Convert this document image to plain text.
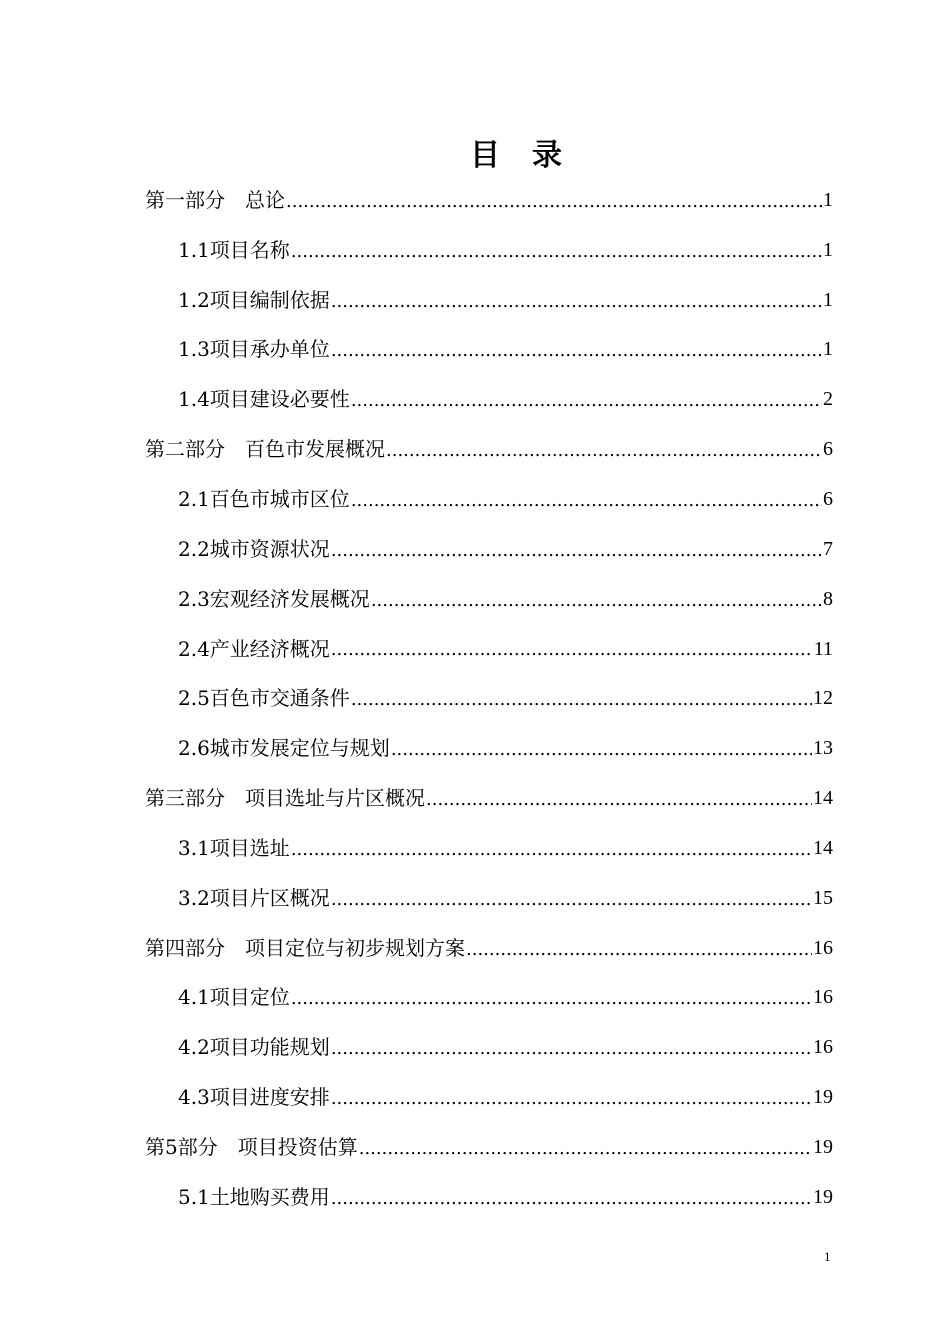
目 录
第一部分　总论 .....	1
1.1项目名称 .....	1
1.2项目编制依据 .....	1
1.3项目承办单位 .....	1
1.4项目建设必要性 .....	2
第二部分　百色市发展概况 .....	6
2.1百色市城市区位 .....	6
2.2城市资源状况 .....	7
2.3宏观经济发展概况 .....	8
2.4产业经济概况 .....	11
2.5百色市交通条件 .....	12
2.6城市发展定位与规划 .....	13
第三部分　项目选址与片区概况 .....	14
3.1项目选址 .....	14
3.2项目片区概况 .....	15
第四部分　项目定位与初步规划方案 .....	16
4.1项目定位 .....	16
4.2项目功能规划 .....	16
4.3项目进度安排 .....	19
第5部分　项目投资估算 .....	19
5.1土地购买费用 .....	19
1
